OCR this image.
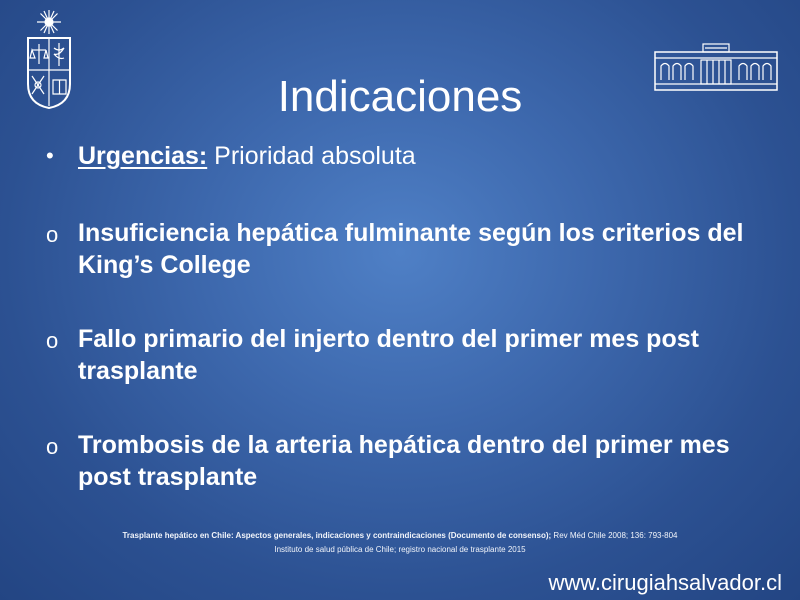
Indicaciones
• Urgencias: Prioridad absoluta
o Insuficiencia hepática fulminante según los criterios del
King’s College
o Fallo primario del injerto dentro del primer mes post
trasplante
o Trombosis de la arteria hepática dentro del primer mes
post trasplante
Trasplante hepático en Chile: Aspectos generales, indicaciones y contraindicaciones (Documento de consenso); Rev Méd Chile 2008; 136: 793-804
Instituto de salud pública de Chile; registro nacional de trasplante 2015
www.cirugiahsalvador.cl
